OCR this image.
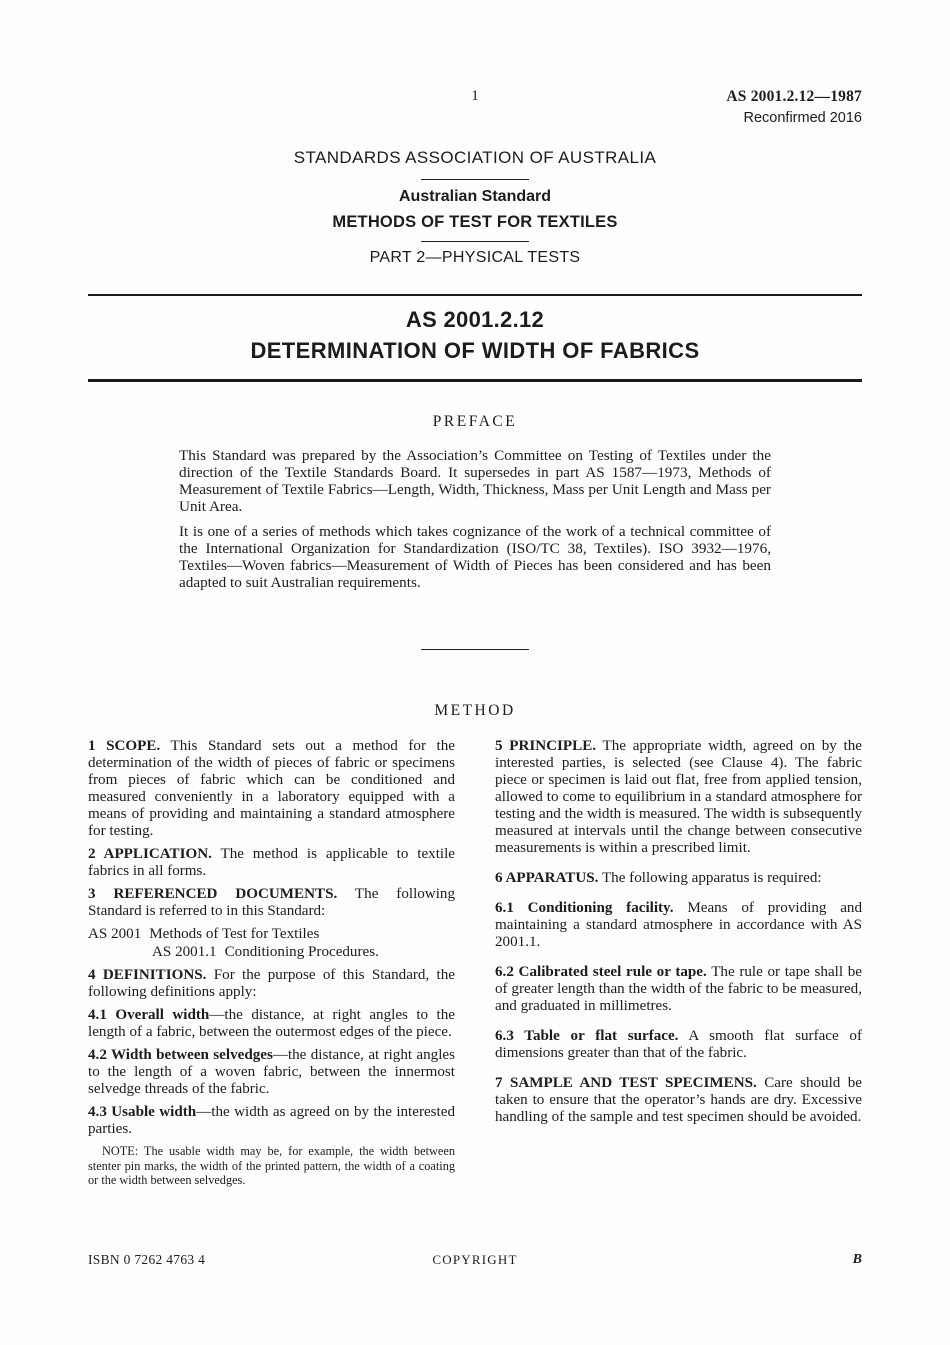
1	AS 2001.2.12—1987
Reconfirmed 2016
STANDARDS ASSOCIATION OF AUSTRALIA
Australian Standard
METHODS OF TEST FOR TEXTILES
PART 2—PHYSICAL TESTS
AS 2001.2.12
DETERMINATION OF WIDTH OF FABRICS
PREFACE

This Standard was prepared by the Association’s Committee on Testing of Textiles under the direction of the Textile Standards Board. It supersedes in part AS 1587—1973, Methods of Measurement of Textile Fabrics—Length, Width, Thickness, Mass per Unit Length and Mass per Unit Area.

It is one of a series of methods which takes cognizance of the work of a technical committee of the International Organization for Standardization (ISO/TC 38, Textiles). ISO 3932—1976, Textiles—Woven fabrics—Measurement of Width of Pieces has been considered and has been adapted to suit Australian requirements.

METHOD

1 SCOPE. This Standard sets out a method for the determination of the width of pieces of fabric or specimens from pieces of fabric which can be conditioned and measured conveniently in a laboratory equipped with a means of providing and maintaining a standard atmosphere for testing.

2 APPLICATION. The method is applicable to textile fabrics in all forms.

3 REFERENCED DOCUMENTS. The following Standard is referred to in this Standard:

AS 2001 Methods of Test for Textiles

AS 2001.1 Conditioning Procedures.

4 DEFINITIONS. For the purpose of this Standard, the following definitions apply:

4.1 Overall width—the distance, at right angles to the length of a fabric, between the outermost edges of the piece.

4.2 Width between selvedges—the distance, at right angles to the length of a woven fabric, between the innermost selvedge threads of the fabric.

4.3 Usable width—the width as agreed on by the interested parties.

NOTE: The usable width may be, for example, the width between stenter pin marks, the width of the printed pattern, the width of a coating or the width between selvedges.

5 PRINCIPLE. The appropriate width, agreed on by the interested parties, is selected (see Clause 4). The fabric piece or specimen is laid out flat, free from applied tension, allowed to come to equilibrium in a standard atmosphere for testing and the width is measured. The width is subsequently measured at intervals until the change between consecutive measurements is within a prescribed limit.

6 APPARATUS. The following apparatus is required:

6.1 Conditioning facility. Means of providing and maintaining a standard atmosphere in accordance with AS 2001.1.

6.2 Calibrated steel rule or tape. The rule or tape shall be of greater length than the width of the fabric to be measured, and graduated in millimetres.

6.3 Table or flat surface. A smooth flat surface of dimensions greater than that of the fabric.

7 SAMPLE AND TEST SPECIMENS. Care should be taken to ensure that the operator’s hands are dry. Excessive handling of the sample and test specimen should be avoided.

ISBN 0 7262 4763 4	COPYRIGHT	B
